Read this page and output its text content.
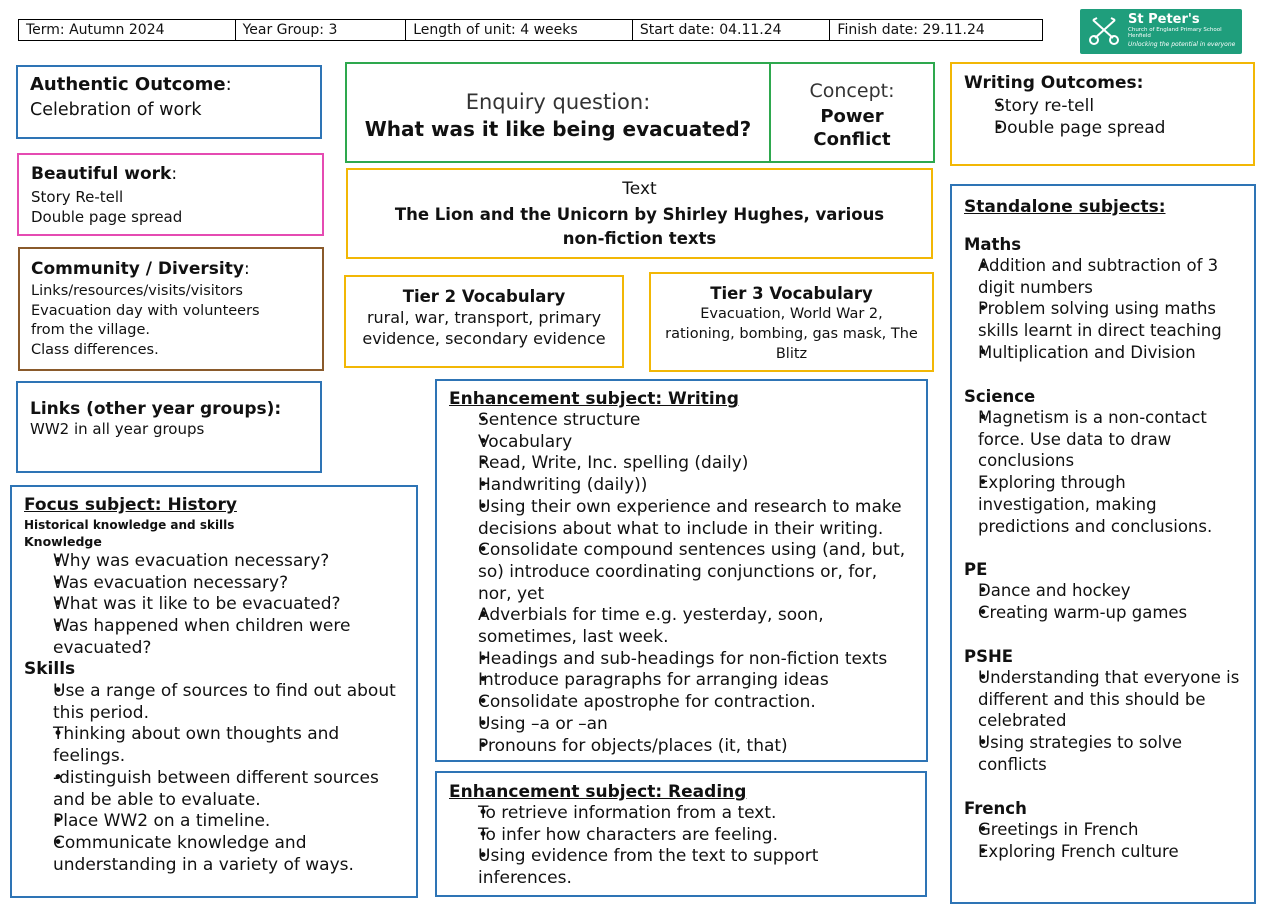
Term: Autumn 2024	Year Group: 3	Length of unit: 4 weeks	Start date: 04.11.24	Finish date: 29.11.24
St Peter's
Church of England Primary School Henfield
Unlocking the potential in everyone
Authentic Outcome:
Celebration of work
Beautiful work:
Story Re-tell
Double page spread
Community / Diversity:
Links/resources/visits/visitors
Evacuation day with volunteers
from the village.
Class differences.
Links (other year groups):
WW2 in all year groups
Enquiry question:
What was it like being evacuated?
Concept:
Power
Conflict
Text
The Lion and the Unicorn by Shirley Hughes, various non-fiction texts
Tier 2 Vocabulary
rural, war, transport, primary evidence, secondary evidence
Tier 3 Vocabulary
Evacuation, World War 2, rationing, bombing, gas mask, The Blitz
Writing Outcomes:
• Story re-tell
• Double page spread
Focus subject: History
Historical knowledge and skills
Knowledge
• Why was evacuation necessary?
• Was evacuation necessary?
• What was it like to be evacuated?
• Was happened when children were evacuated?
Skills
• Use a range of sources to find out about this period.
• Thinking about own thoughts and feelings.
• -distinguish between different sources and be able to evaluate.
• Place WW2 on a timeline.
• Communicate knowledge and understanding in a variety of ways.
Enhancement subject: Writing
• Sentence structure
• Vocabulary
• Read, Write, Inc. spelling (daily)
• Handwriting (daily))
• Using their own experience and research to make decisions about what to include in their writing.
• Consolidate compound sentences using (and, but, so) introduce coordinating conjunctions or, for, nor, yet
• Adverbials for time e.g. yesterday, soon, sometimes, last week.
• Headings and sub-headings for non-fiction texts
• Introduce paragraphs for arranging ideas
• Consolidate apostrophe for contraction.
• Using –a or –an
• Pronouns for objects/places (it, that)
Enhancement subject: Reading
• To retrieve information from a text.
• To infer how characters are feeling.
• Using evidence from the text to support inferences.
Standalone subjects:
Maths
• Addition and subtraction of 3 digit numbers
• Problem solving using maths skills learnt in direct teaching
• Multiplication and Division
Science
• Magnetism is a non-contact force. Use data to draw conclusions
• Exploring through investigation, making predictions and conclusions.
PE
• Dance and hockey
• Creating warm-up games
PSHE
• Understanding that everyone is different and this should be celebrated
• Using strategies to solve conflicts
French
• Greetings in French
• Exploring French culture
